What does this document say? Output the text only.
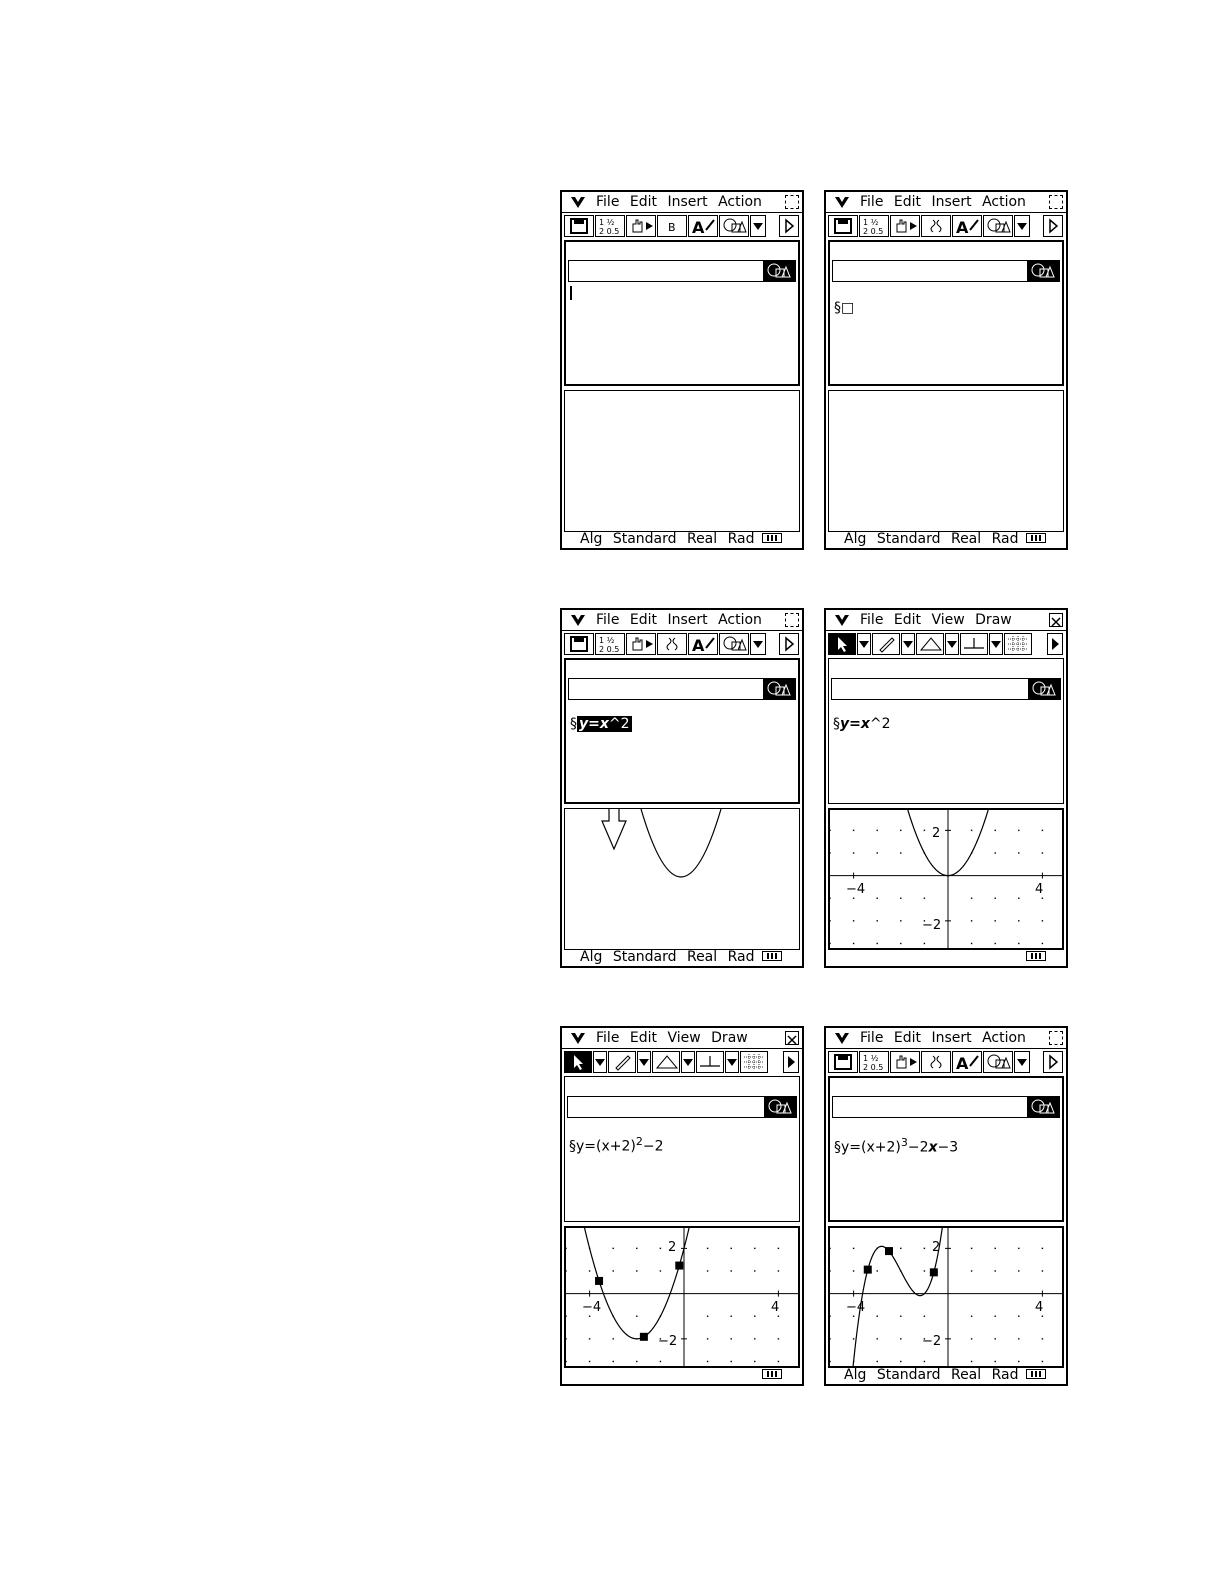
File Edit Insert Action
1 ½
2 0.5	B A
Alg Standard Real Rad
File Edit Insert Action
1 ½
2 0.5	A
§□
Alg Standard Real Rad
File Edit Insert Action
1 ½
2 0.5	A
§ y=x^2
Alg Standard Real Rad
File Edit View Draw
§y=x^2
2
−2
−4	4
File Edit View Draw
$\S y=(x+2)^2-2$
2
−2
−4	4
File Edit Insert Action
1 ½
2 0.5	A
$\S y=(x+2)^3-2x-3$
2
−2
−4	4
Alg Standard Real Rad
